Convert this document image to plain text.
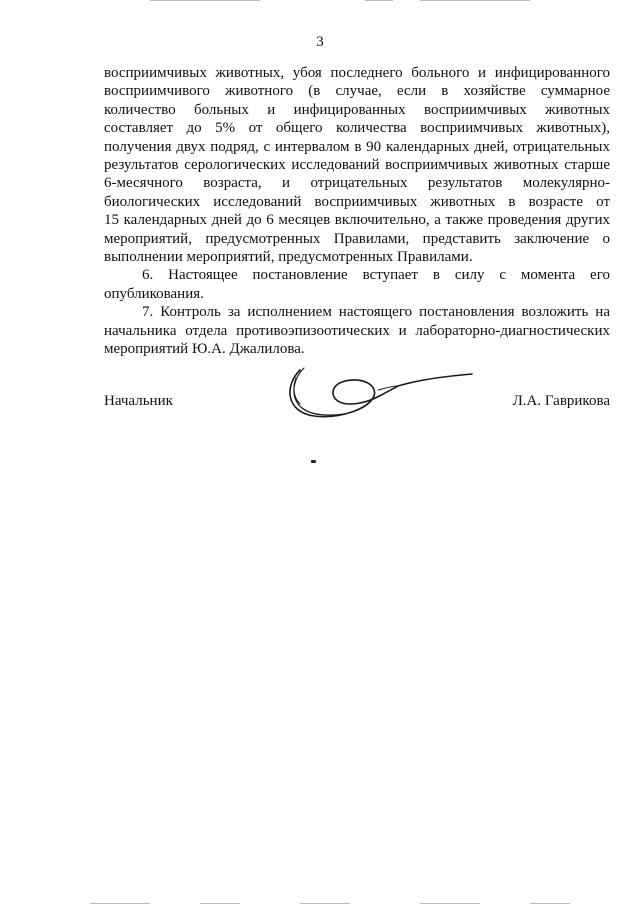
3
восприимчивых животных, убоя последнего больного и инфицированного
восприимчивого животного (в случае, если в хозяйстве суммарное
количество больных и инфицированных восприимчивых животных
составляет до 5% от общего количества восприимчивых животных),
получения двух подряд, с интервалом в 90 календарных дней, отрицательных
результатов серологических исследований восприимчивых животных старше
6-месячного возраста, и отрицательных результатов молекулярно-
биологических исследований восприимчивых животных в возрасте от
15 календарных дней до 6 месяцев включительно, а также проведения других
мероприятий, предусмотренных Правилами, представить заключение о
выполнении мероприятий, предусмотренных Правилами.
6. Настоящее постановление вступает в силу с момента его
опубликования.
7. Контроль за исполнением настоящего постановления возложить на
начальника отдела противоэпизоотических и лабораторно-диагностических
мероприятий Ю.А. Джалилова.
Начальник	Л.А. Гаврикова
